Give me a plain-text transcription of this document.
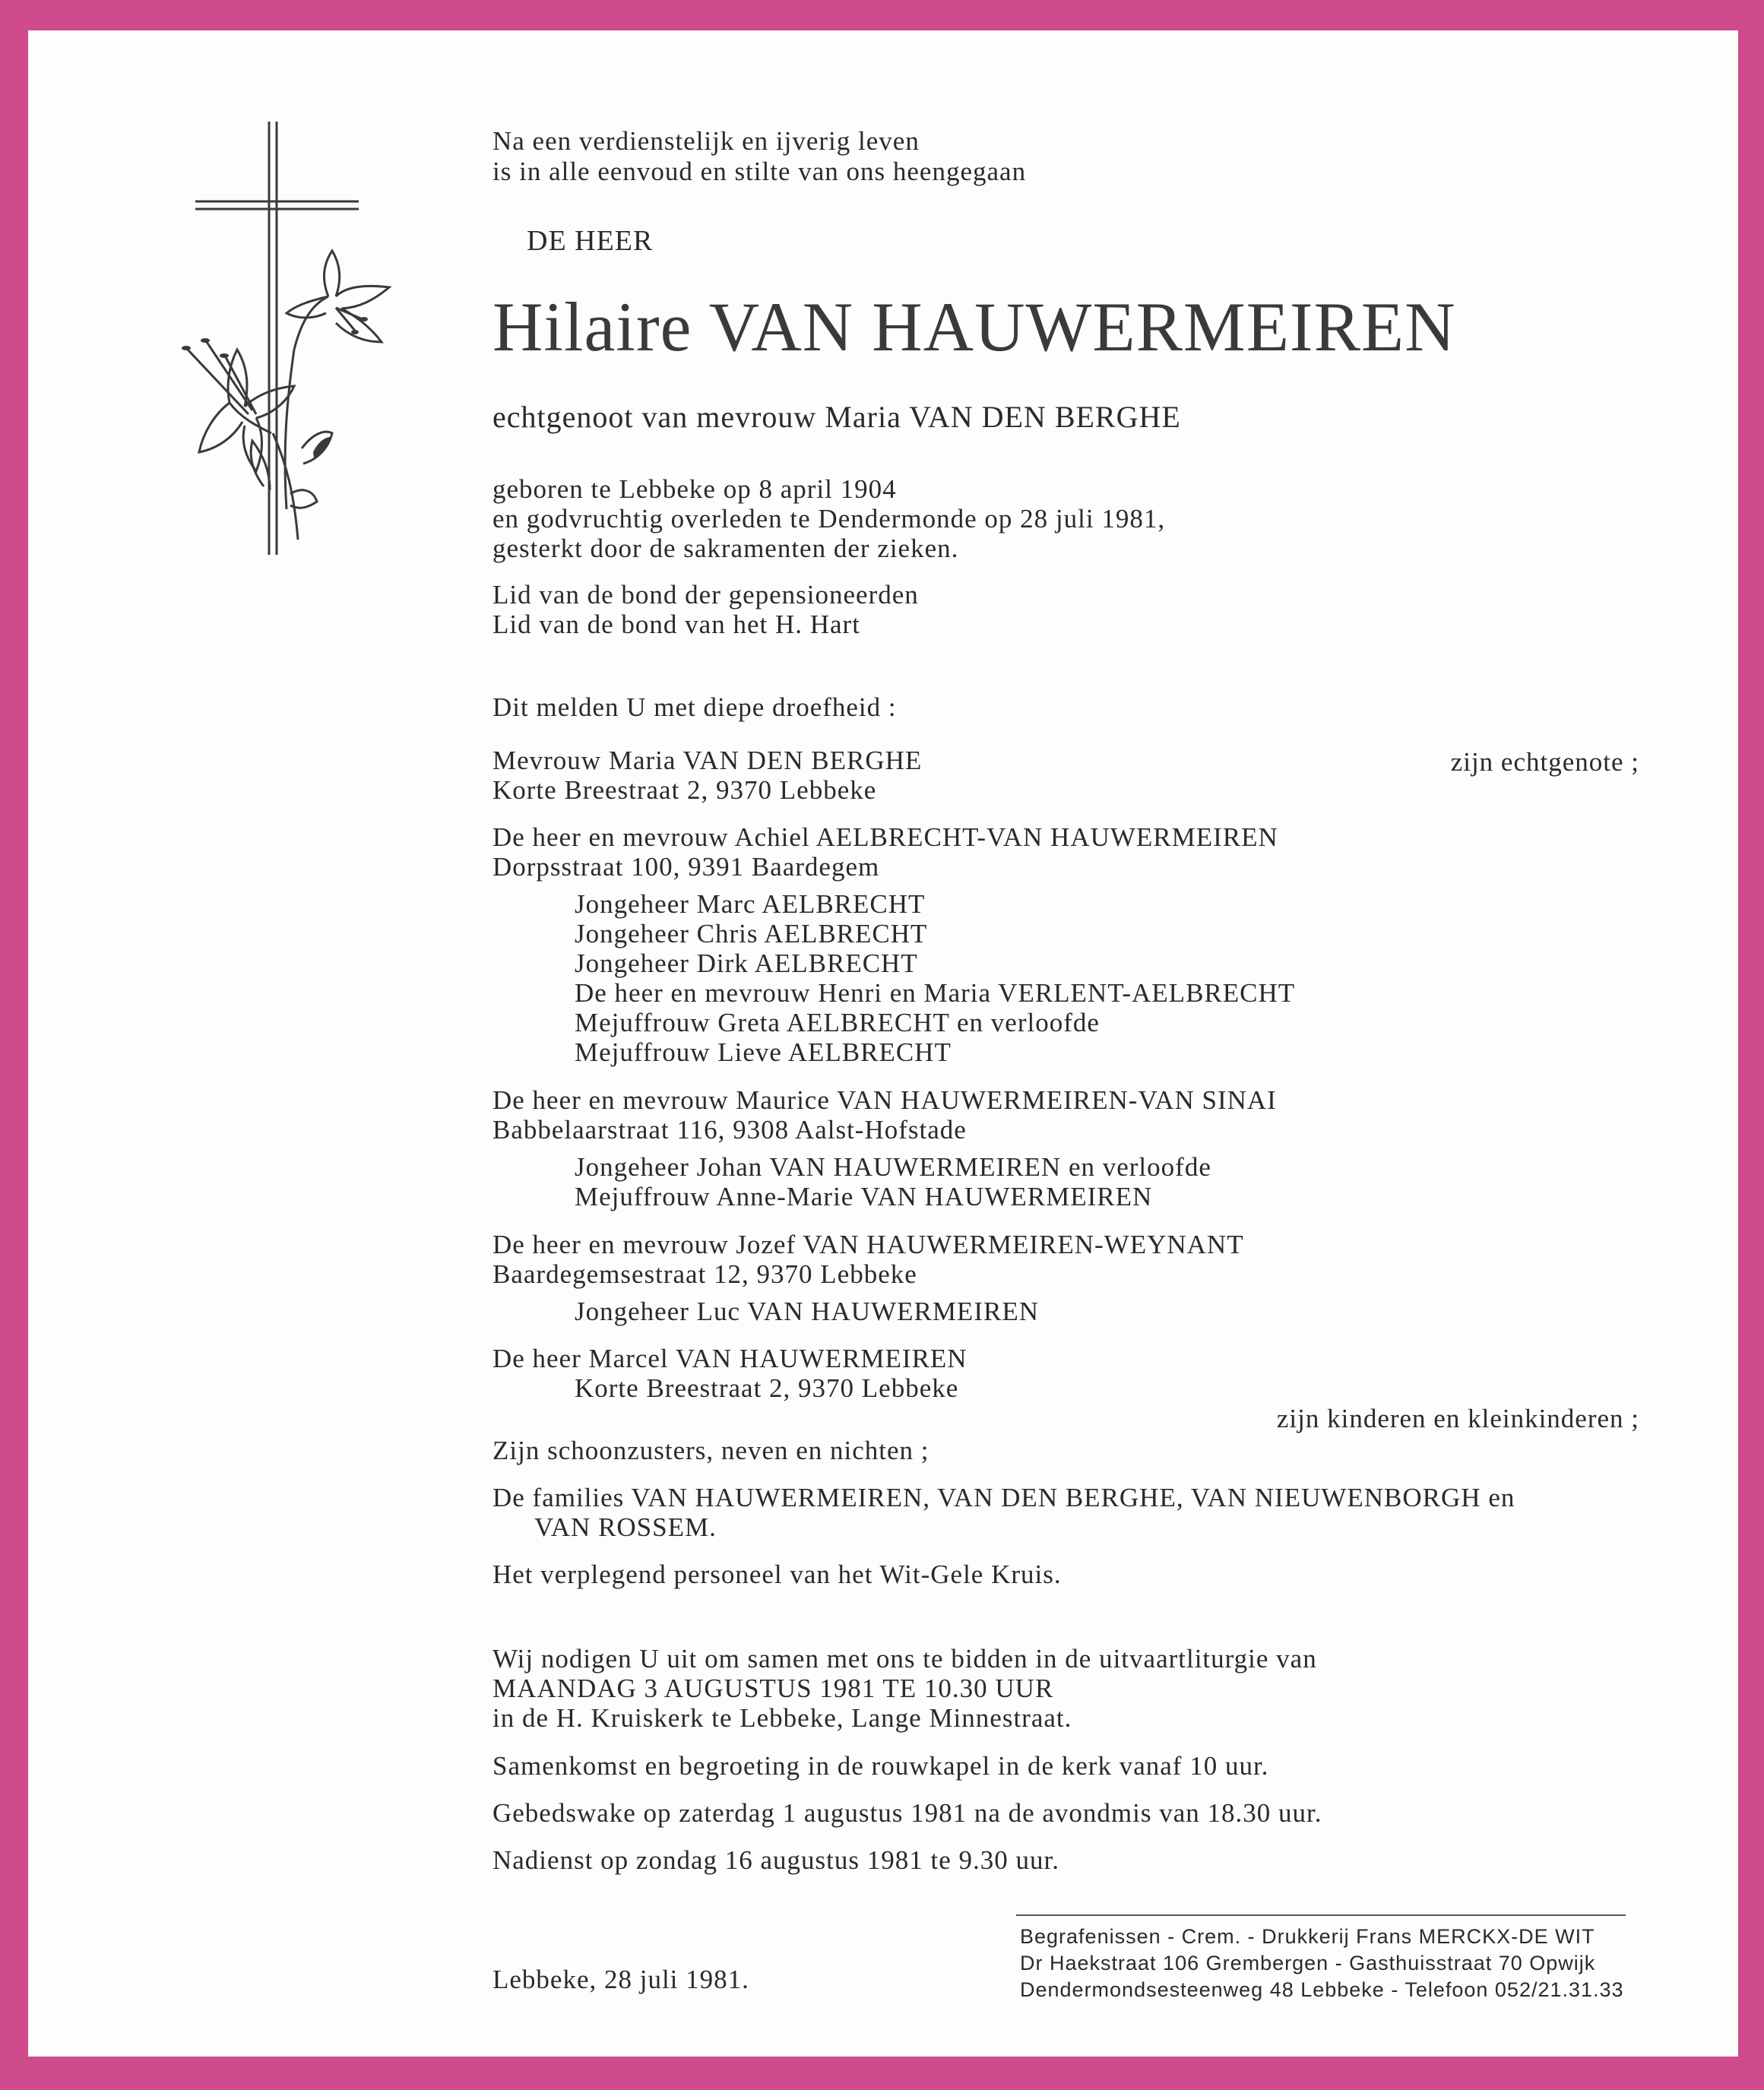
Na een verdienstelijk en ijverig leven
is in alle eenvoud en stilte van ons heengegaan
DE HEER
Hilaire VAN HAUWERMEIREN
echtgenoot van mevrouw Maria VAN DEN BERGHE
geboren te Lebbeke op 8 april 1904
en godvruchtig overleden te Dendermonde op 28 juli 1981,
gesterkt door de sakramenten der zieken.
Lid van de bond der gepensioneerden
Lid van de bond van het H. Hart
Dit melden U met diepe droefheid :
Mevrouw Maria VAN DEN BERGHE	zijn echtgenote ;
Korte Breestraat 2, 9370 Lebbeke
De heer en mevrouw Achiel AELBRECHT-VAN HAUWERMEIREN
Dorpsstraat 100, 9391 Baardegem
Jongeheer Marc AELBRECHT
Jongeheer Chris AELBRECHT
Jongeheer Dirk AELBRECHT
De heer en mevrouw Henri en Maria VERLENT-AELBRECHT
Mejuffrouw Greta AELBRECHT en verloofde
Mejuffrouw Lieve AELBRECHT
De heer en mevrouw Maurice VAN HAUWERMEIREN-VAN SINAI
Babbelaarstraat 116, 9308 Aalst-Hofstade
Jongeheer Johan VAN HAUWERMEIREN en verloofde
Mejuffrouw Anne-Marie VAN HAUWERMEIREN
De heer en mevrouw Jozef VAN HAUWERMEIREN-WEYNANT
Baardegemsestraat 12, 9370 Lebbeke
Jongeheer Luc VAN HAUWERMEIREN
De heer Marcel VAN HAUWERMEIREN
Korte Breestraat 2, 9370 Lebbeke
zijn kinderen en kleinkinderen ;
Zijn schoonzusters, neven en nichten ;
De families VAN HAUWERMEIREN, VAN DEN BERGHE, VAN NIEUWENBORGH en
VAN ROSSEM.
Het verplegend personeel van het Wit-Gele Kruis.
Wij nodigen U uit om samen met ons te bidden in de uitvaartliturgie van
MAANDAG 3 AUGUSTUS 1981 TE 10.30 UUR
in de H. Kruiskerk te Lebbeke, Lange Minnestraat.
Samenkomst en begroeting in de rouwkapel in de kerk vanaf 10 uur.
Gebedswake op zaterdag 1 augustus 1981 na de avondmis van 18.30 uur.
Nadienst op zondag 16 augustus 1981 te 9.30 uur.
Lebbeke, 28 juli 1981.
Begrafenissen - Crem. - Drukkerij Frans MERCKX-DE WIT
Dr Haekstraat 106 Grembergen - Gasthuisstraat 70 Opwijk
Dendermondsesteenweg 48 Lebbeke - Telefoon 052/21.31.33
